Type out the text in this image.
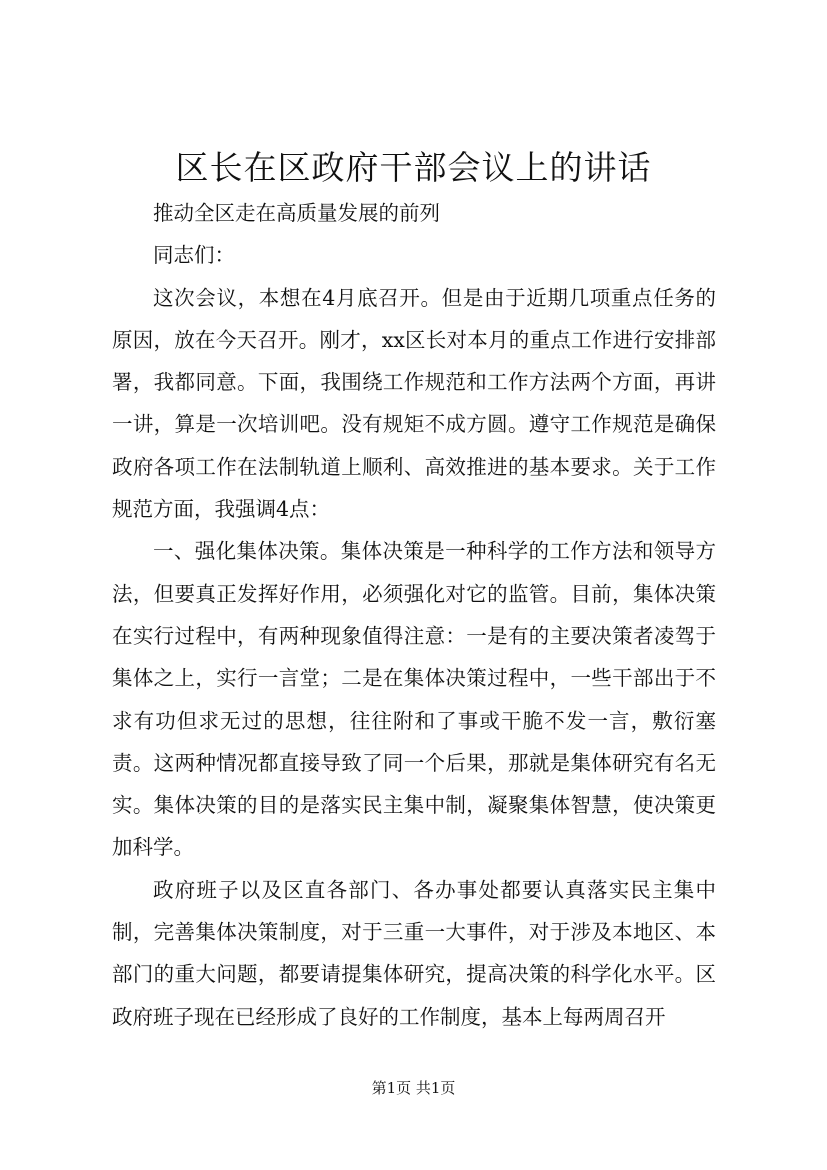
区长在区政府干部会议上的讲话

推动全区走在高质量发展的前列

同志们：

这次会议，本想在4月底召开。但是由于近期几项重点任务的原因，放在今天召开。刚才，xx区长对本月的重点工作进行安排部署，我都同意。下面，我围绕工作规范和工作方法两个方面，再讲一讲，算是一次培训吧。没有规矩不成方圆。遵守工作规范是确保政府各项工作在法制轨道上顺利、高效推进的基本要求。关于工作规范方面，我强调4点：

一、强化集体决策。集体决策是一种科学的工作方法和领导方法，但要真正发挥好作用，必须强化对它的监管。目前，集体决策在实行过程中，有两种现象值得注意：一是有的主要决策者凌驾于集体之上，实行一言堂；二是在集体决策过程中，一些干部出于不求有功但求无过的思想，往往附和了事或干脆不发一言，敷衍塞责。这两种情况都直接导致了同一个后果，那就是集体研究有名无实。集体决策的目的是落实民主集中制，凝聚集体智慧，使决策更加科学。

政府班子以及区直各部门、各办事处都要认真落实民主集中制，完善集体决策制度，对于三重一大事件，对于涉及本地区、本部门的重大问题，都要请提集体研究，提高决策的科学化水平。区政府班子现在已经形成了良好的工作制度，基本上每两周召开

第1页 共1页
